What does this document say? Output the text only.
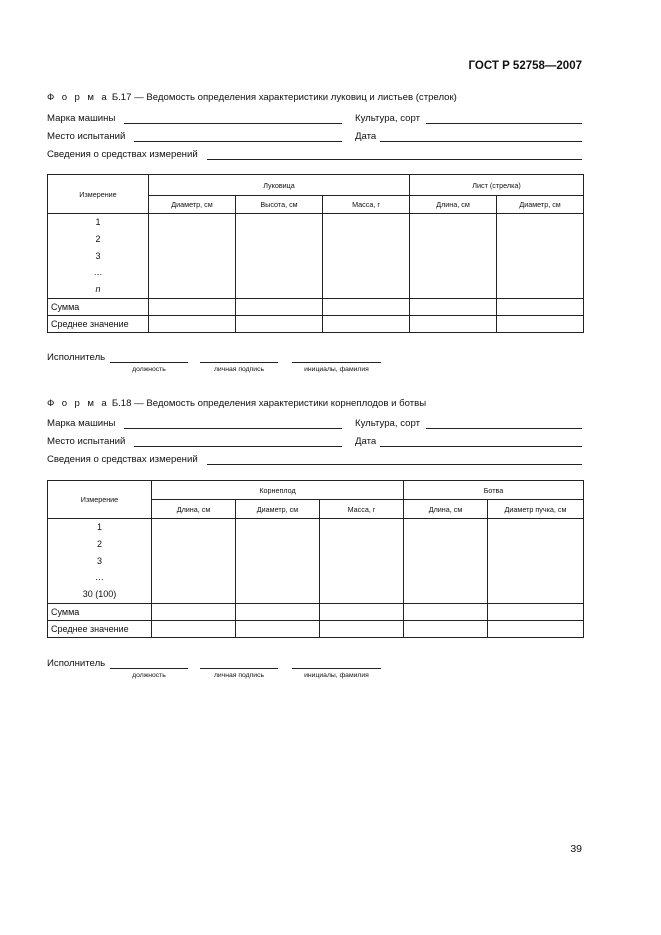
ГОСТ Р 52758—2007
Ф о р м а Б.17 — Ведомость определения характеристики луковиц и листьев (стрелок)
Марка машины	Культура, сорт
Место испытаний	Дата
Сведения о средствах измерений
Измерение	Луковица			Лист (стрелка)	
	Диаметр, см	Высота, см	Масса, г	Длина, см	Диаметр, см

1
2
3
…
n					

Сумма					
Среднее значение					
Исполнитель
должность	личная подпись	инициалы, фамилия
Ф о р м а Б.18 — Ведомость определения характеристики корнеплодов и ботвы
Марка машины	Культура, сорт
Место испытаний	Дата
Сведения о средствах измерений
Измерение	Корнеплод			Ботва	
	Длина, см	Диаметр, см	Масса, г	Длина, см	Диаметр пучка, см

1
2
3
…
30 (100)					

Сумма					
Среднее значение					
Исполнитель
должность	личная подпись	инициалы, фамилия
39
